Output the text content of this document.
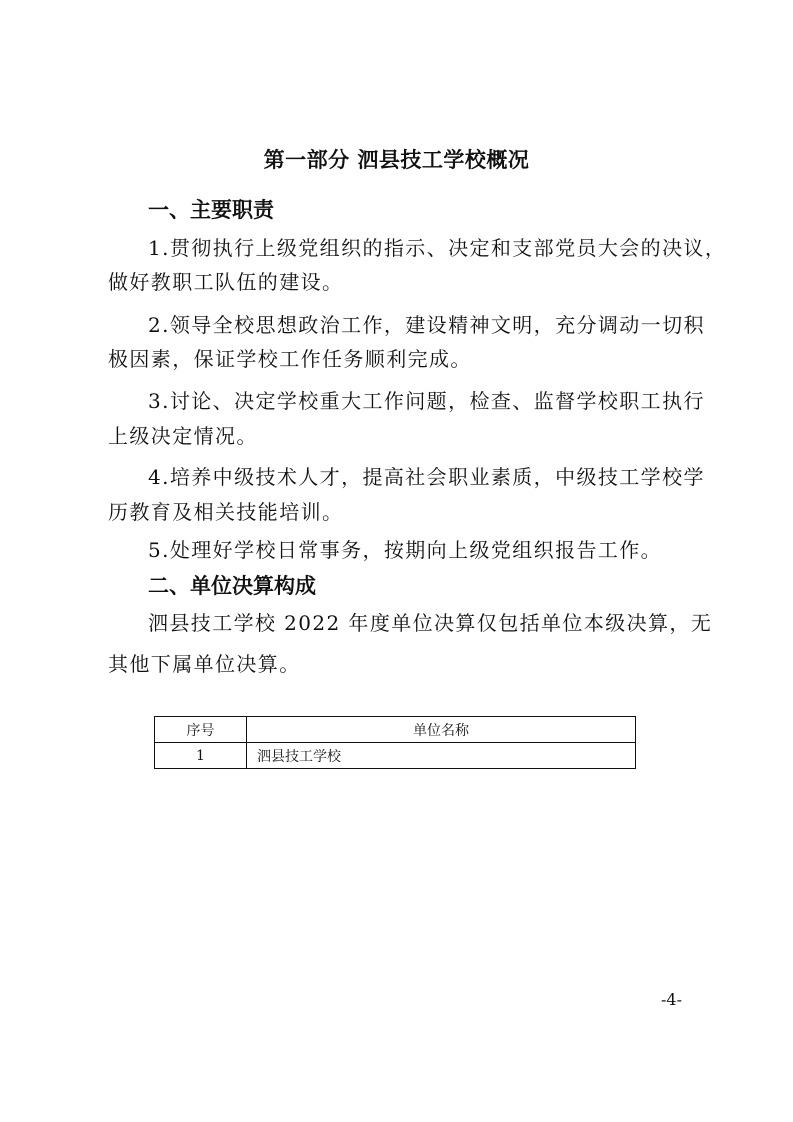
第一部分 泗县技工学校概况
一、主要职责
1.贯彻执行上级党组织的指示、决定和支部党员大会的决议，
做好教职工队伍的建设。
2.领导全校思想政治工作，建设精神文明，充分调动一切积
极因素，保证学校工作任务顺利完成。
3.讨论、决定学校重大工作问题，检查、监督学校职工执行
上级决定情况。
4.培养中级技术人才，提高社会职业素质，中级技工学校学
历教育及相关技能培训。
5.处理好学校日常事务，按期向上级党组织报告工作。
二、单位决算构成
泗县技工学校 2022 年度单位决算仅包括单位本级决算，无
其他下属单位决算。
序号	单位名称
1	泗县技工学校
-4-
